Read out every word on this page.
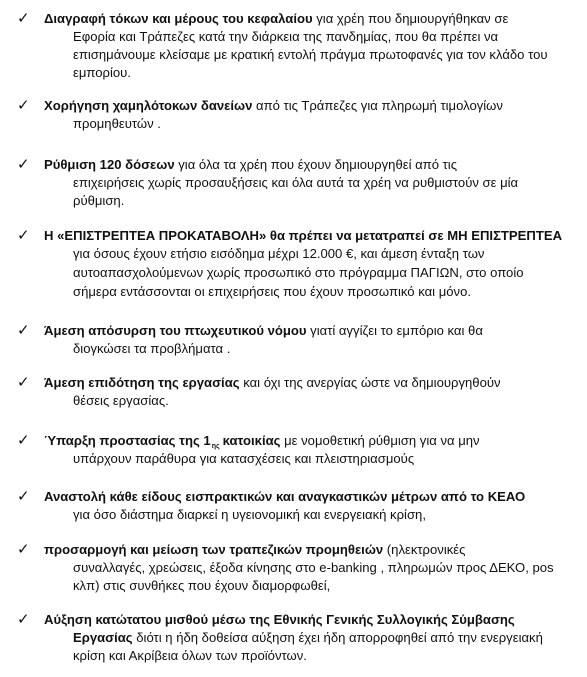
✓ Διαγραφή τόκων και μέρους του κεφαλαίου για χρέη που δημιουργήθηκαν σε
Εφορία και Τράπεζες κατά την διάρκεια της πανδημίας, που θα πρέπει να
επισημάνουμε κλείσαμε με κρατική εντολή πράγμα πρωτοφανές για τον κλάδο του
εμπορίου.
✓ Χορήγηση χαμηλότοκων δανείων από τις Τράπεζες για πληρωμή τιμολογίων
προμηθευτών .
✓ Ρύθμιση 120 δόσεων για όλα τα χρέη που έχουν δημιουργηθεί από τις
επιχειρήσεις χωρίς προσαυξήσεις και όλα αυτά τα χρέη να ρυθμιστούν σε μία
ρύθμιση.
✓ Η «ΕΠΙΣΤΡΕΠΤΕΑ ΠΡΟΚΑΤΑΒΟΛΗ» θα πρέπει να μετατραπεί σε ΜΗ ΕΠΙΣΤΡΕΠΤΕΑ
για όσους έχουν ετήσιο εισόδημα μέχρι 12.000 €, και άμεση ένταξη των
αυτοαπασχολούμενων χωρίς προσωπικό στο πρόγραμμα ΠΑΓΙΩΝ, στο οποίο
σήμερα εντάσσονται οι επιχειρήσεις που έχουν προσωπικό και μόνο.
✓ Άμεση απόσυρση του πτωχευτικού νόμου γιατί αγγίζει το εμπόριο και θα
διογκώσει τα προβλήματα .
✓ Άμεση επιδότηση της εργασίας και όχι της ανεργίας ώστε να δημιουργηθούν
θέσεις εργασίας.
✓ Ύπαρξη προστασίας της $1_{\eta\varsigma}$ κατοικίας με νομοθετική ρύθμιση για να μην
υπάρχουν παράθυρα για κατασχέσεις και πλειστηριασμούς
✓ Αναστολή κάθε είδους εισπρακτικών και αναγκαστικών μέτρων από το ΚΕΑΟ
για όσο διάστημα διαρκεί η υγειονομική και ενεργειακή κρίση,
✓ προσαρμογή και μείωση των τραπεζικών προμηθειών (ηλεκτρονικές
συναλλαγές, χρεώσεις, έξοδα κίνησης στο e-banking , πληρωμών προς ΔΕΚΟ, pos
κλπ) στις συνθήκες που έχουν διαμορφωθεί,
✓ Αύξηση κατώτατου μισθού μέσω της Εθνικής Γενικής Συλλογικής Σύμβασης
Εργασίας διότι η ήδη δοθείσα αύξηση έχει ήδη απορροφηθεί από την ενεργειακή
κρίση και Ακρίβεια όλων των προϊόντων.
